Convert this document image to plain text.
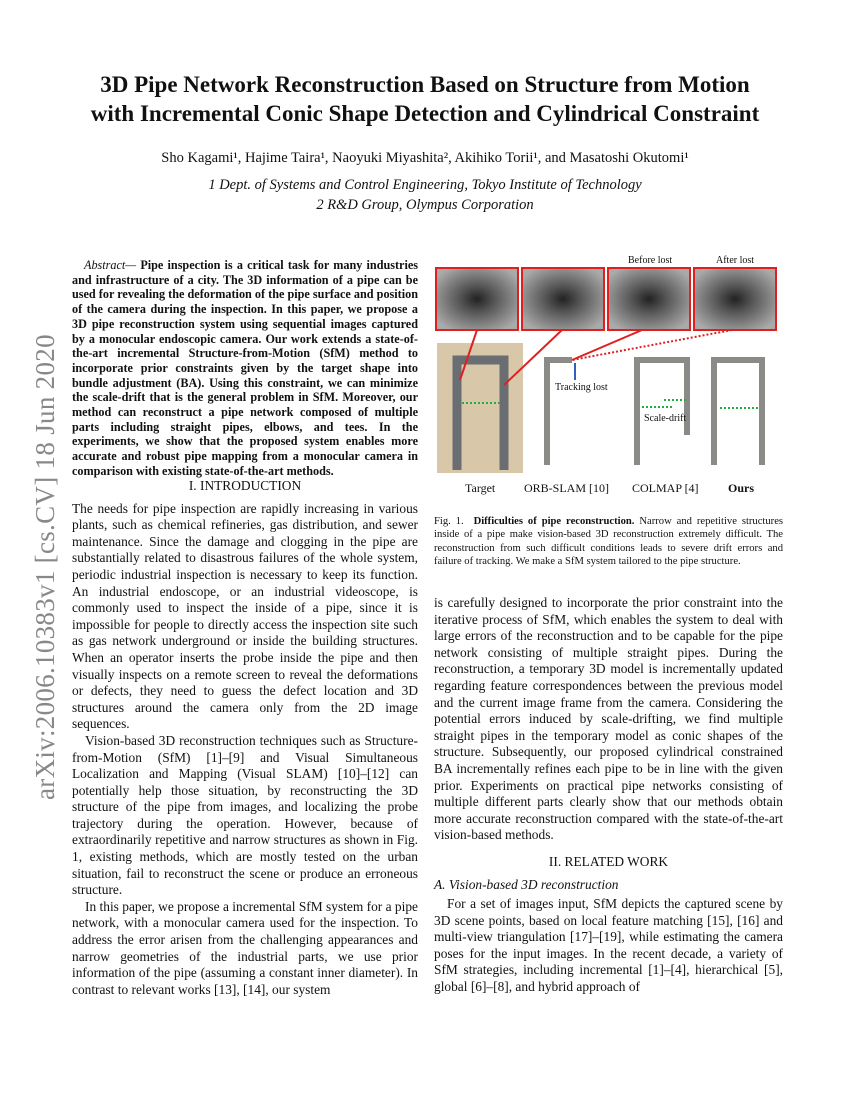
arXiv:2006.10383v1 [cs.CV] 18 Jun 2020
3D Pipe Network Reconstruction Based on Structure from Motion
with Incremental Conic Shape Detection and Cylindrical Constraint
Sho Kagami¹, Hajime Taira¹, Naoyuki Miyashita², Akihiko Torii¹, and Masatoshi Okutomi¹
1 Dept. of Systems and Control Engineering, Tokyo Institute of Technology
2 R&D Group, Olympus Corporation
Abstract— Pipe inspection is a critical task for many industries and infrastructure of a city. The 3D information of a pipe can be used for revealing the deformation of the pipe surface and position of the camera during the inspection. In this paper, we propose a 3D pipe reconstruction system using sequential images captured by a monocular endoscopic camera. Our work extends a state-of-the-art incremental Structure-from-Motion (SfM) method to incorporate prior constraints given by the target shape into bundle adjustment (BA). Using this constraint, we can minimize the scale-drift that is the general problem in SfM. Moreover, our method can reconstruct a pipe network composed of multiple parts including straight pipes, elbows, and tees. In the experiments, we show that the proposed system enables more accurate and robust pipe mapping from a monocular camera in comparison with existing state-of-the-art methods.
I. INTRODUCTION

The needs for pipe inspection are rapidly increasing in various plants, such as chemical refineries, gas distribution, and sewer maintenance. Since the damage and clogging in the pipe are substantially related to disastrous failures of the whole system, periodic industrial inspection is necessary to keep its function. An industrial endoscope, or an industrial videoscope, is commonly used to inspect the inside of a pipe, since it is impossible for people to directly access the inspection site such as gas network underground or inside the building structures. When an operator inserts the probe inside the pipe and then visually inspects on a remote screen to reveal the deformations or defects, they need to guess the defect location and 3D structures around the camera only from the 2D image sequences.

Vision-based 3D reconstruction techniques such as Structure-from-Motion (SfM) [1]–[9] and Visual Simultaneous Localization and Mapping (Visual SLAM) [10]–[12] can potentially help those situation, by reconstructing the 3D structure of the pipe from images, and localizing the probe trajectory during the operation. However, because of extraordinarily repetitive and narrow structures as shown in Fig. 1, existing methods, which are mostly tested on the urban situation, fail to reconstruct the scene or produce an erroneous structure.

In this paper, we propose a incremental SfM system for a pipe network, with a monocular camera used for the inspection. To address the error arisen from the challenging appearances and narrow geometries of the industrial parts, we use prior information of the pipe (assuming a constant inner diameter). In contrast to relevant works [13], [14], our system

Before lost	After lost
Tracking lost
Scale-drift
Target ORB-SLAM [10] COLMAP [4] Ours
Fig. 1. Difficulties of pipe reconstruction. Narrow and repetitive structures inside of a pipe make vision-based 3D reconstruction extremely difficult. The reconstruction from such difficult conditions leads to severe drift errors and failure of tracking. We make a SfM system tailored to the pipe structure.

is carefully designed to incorporate the prior constraint into the iterative process of SfM, which enables the system to deal with large errors of the reconstruction and to be capable for the pipe network consisting of multiple straight pipes. During the reconstruction, a temporary 3D model is incrementally updated regarding feature correspondences between the previous model and the current image frame from the camera. Considering the potential errors induced by scale-drifting, we find multiple straight pipes in the temporary model as conic shapes of the structure. Subsequently, our proposed cylindrical constrained BA incrementally refines each pipe to be in line with the given prior. Experiments on practical pipe networks consisting of multiple different parts clearly show that our methods obtain more accurate reconstruction compared with the state-of-the-art vision-based methods.

II. RELATED WORK
A. Vision-based 3D reconstruction

For a set of images input, SfM depicts the captured scene by 3D scene points, based on local feature matching [15], [16] and multi-view triangulation [17]–[19], while estimating the camera poses for the input images. In the recent decade, a variety of SfM strategies, including incremental [1]–[4], hierarchical [5], global [6]–[8], and hybrid approach of
